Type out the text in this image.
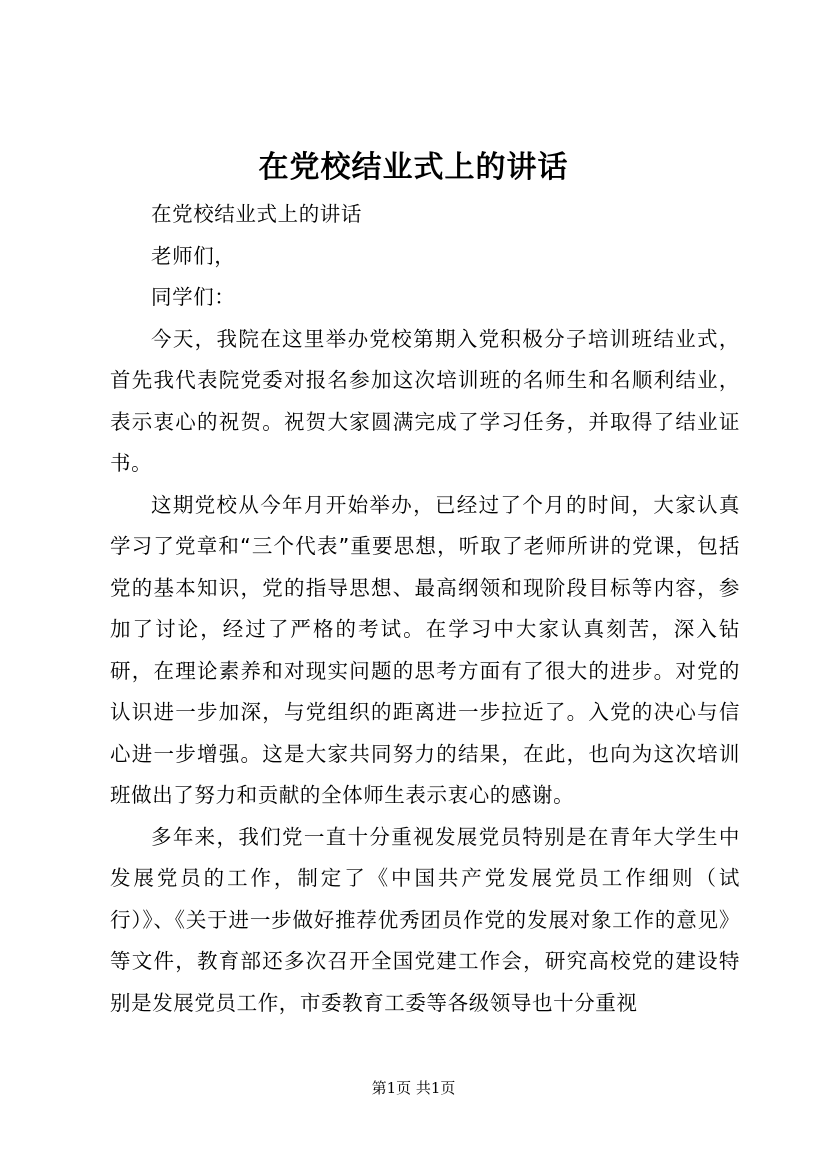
在党校结业式上的讲话

在党校结业式上的讲话

老师们，

同学们：

今天，我院在这里举办党校第期入党积极分子培训班结业式，首先我代表院党委对报名参加这次培训班的名师生和名顺利结业，表示衷心的祝贺。祝贺大家圆满完成了学习任务，并取得了结业证书。

这期党校从今年月开始举办，已经过了个月的时间，大家认真学习了党章和“三个代表”重要思想，听取了老师所讲的党课，包括党的基本知识，党的指导思想、最高纲领和现阶段目标等内容，参加了讨论，经过了严格的考试。在学习中大家认真刻苦，深入钻研，在理论素养和对现实问题的思考方面有了很大的进步。对党的认识进一步加深，与党组织的距离进一步拉近了。入党的决心与信心进一步增强。这是大家共同努力的结果，在此，也向为这次培训班做出了努力和贡献的全体师生表示衷心的感谢。

多年来，我们党一直十分重视发展党员特别是在青年大学生中发展党员的工作，制定了《中国共产党发展党员工作细则（试行）》、《关于进一步做好推荐优秀团员作党的发展对象工作的意见》等文件，教育部还多次召开全国党建工作会，研究高校党的建设特别是发展党员工作，市委教育工委等各级领导也十分重视

第1页 共1页
